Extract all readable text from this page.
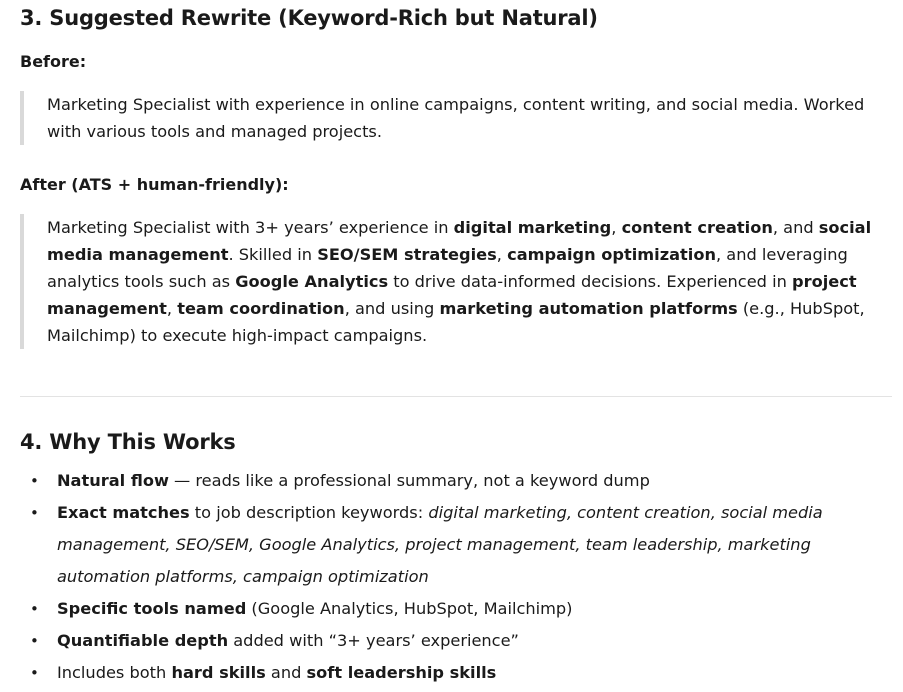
3. Suggested Rewrite (Keyword-Rich but Natural)

Before:

Marketing Specialist with experience in online campaigns, content writing, and social media. Worked with various tools and managed projects.

After (ATS + human-friendly):

Marketing Specialist with 3+ years’ experience in digital marketing, content creation, and social media management. Skilled in SEO/SEM strategies, campaign optimization, and leveraging analytics tools such as Google Analytics to drive data-informed decisions. Experienced in project management, team coordination, and using marketing automation platforms (e.g., HubSpot, Mailchimp) to execute high-impact campaigns.
4. Why This Works
• Natural flow — reads like a professional summary, not a keyword dump
• Exact matches to job description keywords: digital marketing, content creation, social media management, SEO/SEM, Google Analytics, project management, team leadership, marketing automation platforms, campaign optimization
• Specific tools named (Google Analytics, HubSpot, Mailchimp)
• Quantifiable depth added with “3+ years’ experience”
• Includes both hard skills and soft leadership skills
